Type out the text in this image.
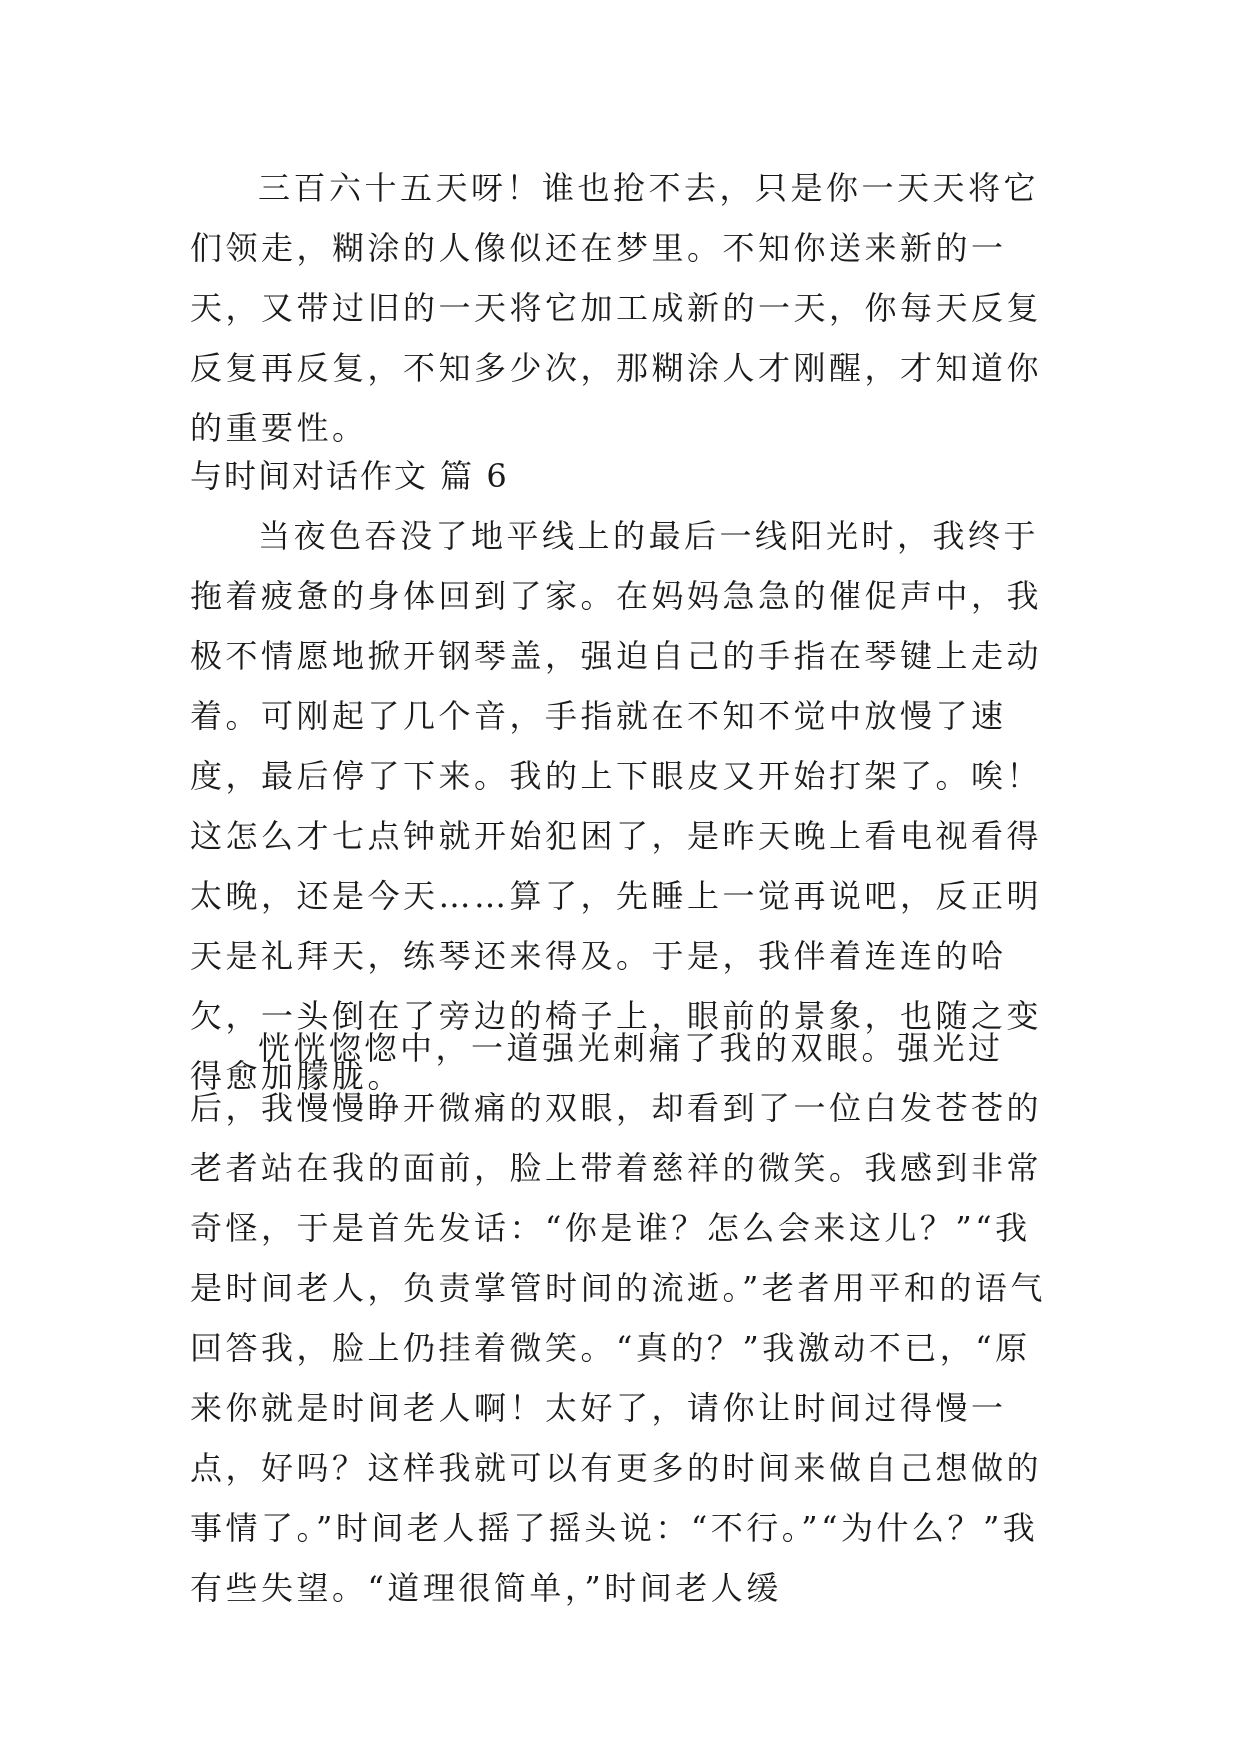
三百六十五天呀！谁也抢不去，只是你一天天将它们领走，糊涂的人像似还在梦里。不知你送来新的一天，又带过旧的一天将它加工成新的一天，你每天反复反复再反复，不知多少次，那糊涂人才刚醒，才知道你的重要性。

与时间对话作文 篇 6

当夜色吞没了地平线上的最后一线阳光时，我终于拖着疲惫的身体回到了家。在妈妈急急的催促声中，我极不情愿地掀开钢琴盖，强迫自己的手指在琴键上走动着。可刚起了几个音，手指就在不知不觉中放慢了速度，最后停了下来。我的上下眼皮又开始打架了。唉！这怎么才七点钟就开始犯困了，是昨天晚上看电视看得太晚，还是今天……算了，先睡上一觉再说吧，反正明天是礼拜天，练琴还来得及。于是，我伴着连连的哈欠，一头倒在了旁边的椅子上，眼前的景象，也随之变得愈加朦胧。

恍恍惚惚中，一道强光刺痛了我的双眼。强光过后，我慢慢睁开微痛的双眼，却看到了一位白发苍苍的老者站在我的面前，脸上带着慈祥的微笑。我感到非常奇怪，于是首先发话：“你是谁？怎么会来这儿？”“我是时间老人，负责掌管时间的流逝。”老者用平和的语气回答我，脸上仍挂着微笑。“真的？”我激动不已，“原来你就是时间老人啊！太好了，请你让时间过得慢一点，好吗？这样我就可以有更多的时间来做自己想做的事情了。”时间老人摇了摇头说：“不行。”“为什么？”我有些失望。“道理很简单，”时间老人缓
